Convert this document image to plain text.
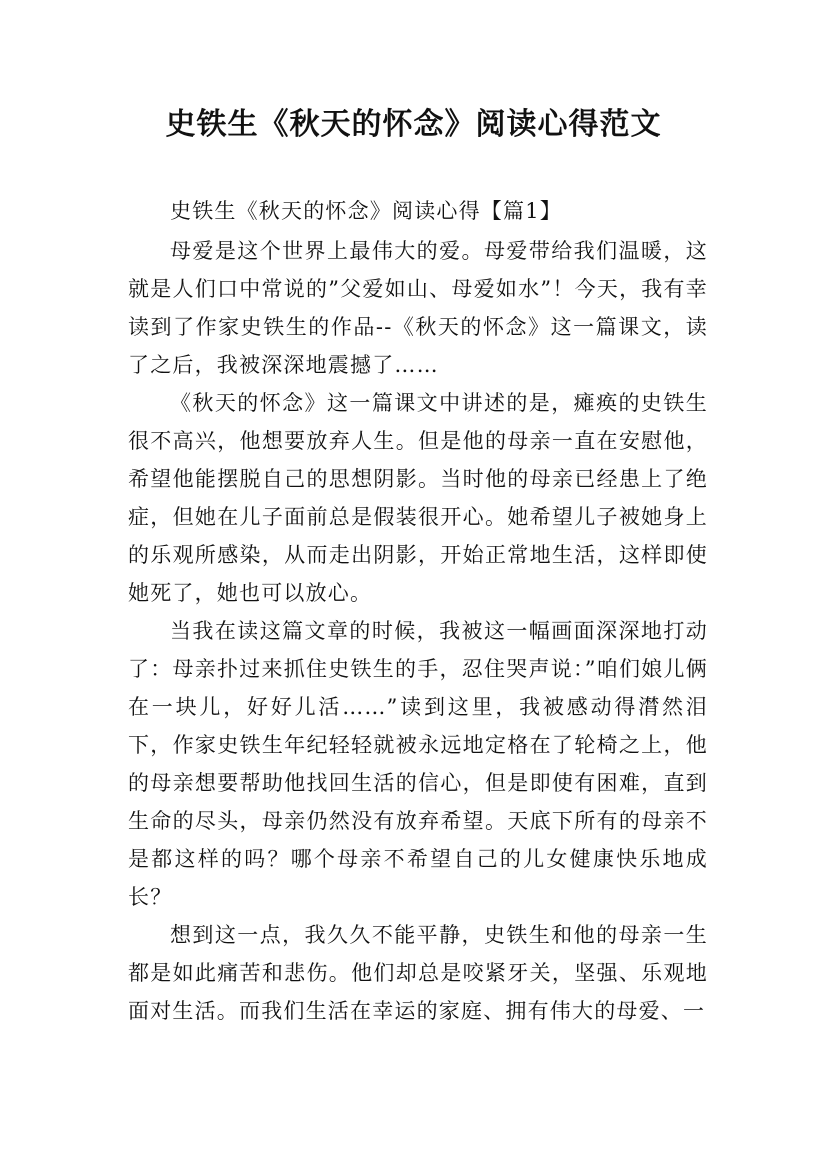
史铁生《秋天的怀念》阅读心得范文

史铁生《秋天的怀念》阅读心得【篇1】

母爱是这个世界上最伟大的爱。母爱带给我们温暖，这就是人们口中常说的”父爱如山、母爱如水”！今天，我有幸读到了作家史铁生的作品--《秋天的怀念》这一篇课文，读了之后，我被深深地震撼了……

《秋天的怀念》这一篇课文中讲述的是，瘫痪的史铁生很不高兴，他想要放弃人生。但是他的母亲一直在安慰他，希望他能摆脱自己的思想阴影。当时他的母亲已经患上了绝症，但她在儿子面前总是假装很开心。她希望儿子被她身上的乐观所感染，从而走出阴影，开始正常地生活，这样即使她死了，她也可以放心。

当我在读这篇文章的时候，我被这一幅画面深深地打动了：母亲扑过来抓住史铁生的手，忍住哭声说：”咱们娘儿俩在一块儿，好好儿活……”读到这里，我被感动得潸然泪下，作家史铁生年纪轻轻就被永远地定格在了轮椅之上，他的母亲想要帮助他找回生活的信心，但是即使有困难，直到生命的尽头，母亲仍然没有放弃希望。天底下所有的母亲不是都这样的吗？哪个母亲不希望自己的儿女健康快乐地成长？

想到这一点，我久久不能平静，史铁生和他的母亲一生都是如此痛苦和悲伤。他们却总是咬紧牙关，坚强、乐观地面对生活。而我们生活在幸运的家庭、拥有伟大的母爱、一
